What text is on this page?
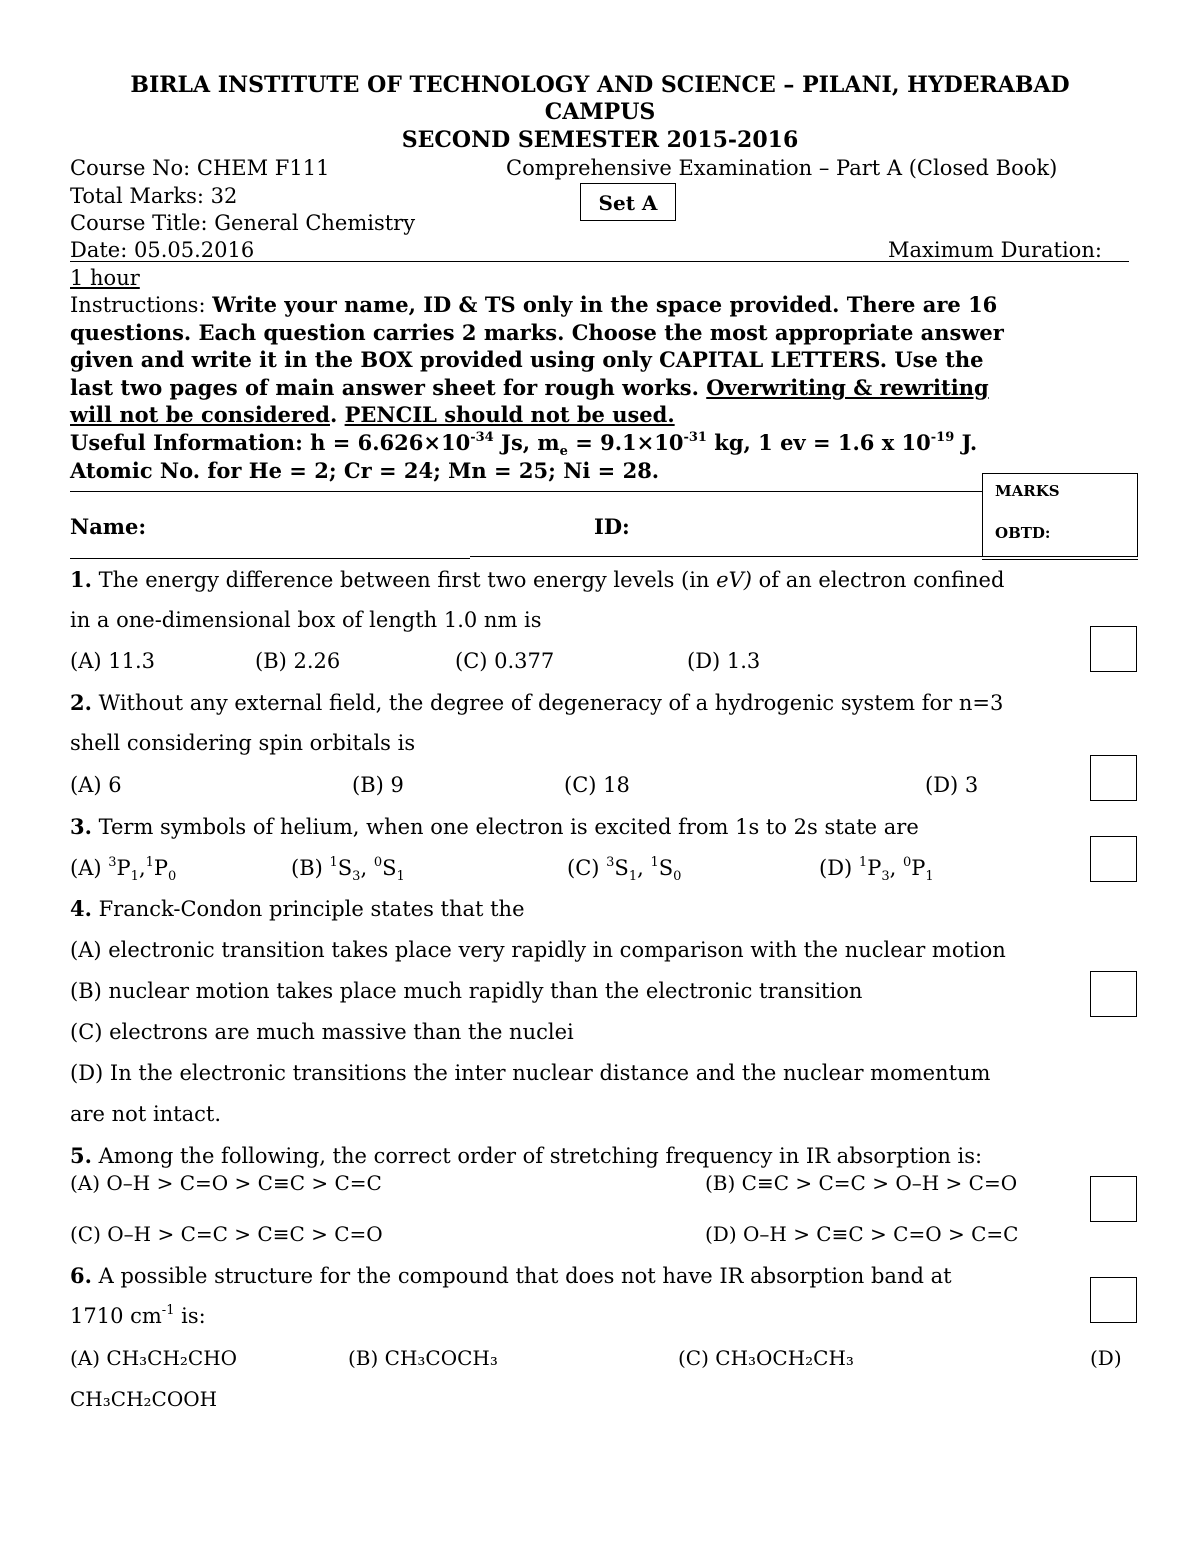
BIRLA INSTITUTE OF TECHNOLOGY AND SCIENCE – PILANI, HYDERABAD
CAMPUS
SECOND SEMESTER 2015-2016
Course No: CHEM F111	Comprehensive Examination – Part A (Closed Book)
Total Marks: 32	Set A
Course Title: General Chemistry
Date: 05.05.2016	Maximum Duration:
1 hour
Instructions: Write your name, ID & TS only in the space provided. There are 16
questions. Each question carries 2 marks. Choose the most appropriate answer
given and write it in the BOX provided using only CAPITAL LETTERS. Use the
last two pages of main answer sheet for rough works. Overwriting & rewriting
will not be considered. PENCIL should not be used.
Useful Information: $h = 6.626\times 10^{-34}$ Js, $m_e = 9.1\times 10^{-31}$ kg, 1 ev = 1.6 x $10^{-19}$ J.
Atomic No. for He = 2; Cr = 24; Mn = 25; Ni = 28.
Name:	ID:
MARKS
OBTD:
1. The energy difference between first two energy levels (in eV) of an electron confined
in a one-dimensional box of length 1.0 nm is
(A) 11.3	(B) 2.26	(C) 0.377	(D) 1.3
2. Without any external field, the degree of degeneracy of a hydrogenic system for n=3
shell considering spin orbitals is
(A) 6	(B) 9	(C) 18	(D) 3
3. Term symbols of helium, when one electron is excited from 1s to 2s state are
(A) $^3P_1,^1P_0$	(B) $^1S_3$, $^0S_1$	(C) $^3S_1$, $^1S_0$	(D) $^1P_3$, $^0P_1$
4. Franck-Condon principle states that the
(A) electronic transition takes place very rapidly in comparison with the nuclear motion
(B) nuclear motion takes place much rapidly than the electronic transition
(C) electrons are much massive than the nuclei
(D) In the electronic transitions the inter nuclear distance and the nuclear momentum
are not intact.
5. Among the following, the correct order of stretching frequency in IR absorption is:
(A) O–H > C=O > C≡C > C=C	(B) C≡C > C=C > O–H > C=O
(C) O–H > C=C > C≡C > C=O	(D) O–H > C≡C > C=O > C=C
6. A possible structure for the compound that does not have IR absorption band at
1710 $cm^{-1}$ is:
(A) CH₃CH₂CHO	(B) CH₃COCH₃	(C) CH₃OCH₂CH₃	(D)
CH₃CH₂COOH
